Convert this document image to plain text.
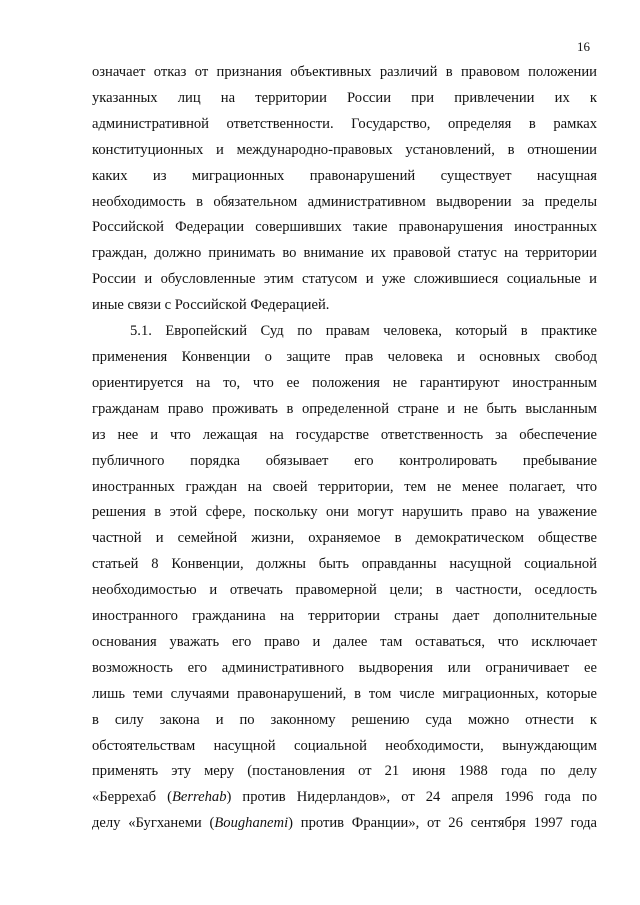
16

означает отказ от признания объективных различий в правовом положении

указанных лиц на территории России при привлечении их к

административной ответственности. Государство, определяя в рамках

конституционных и международно-правовых установлений, в отношении

каких из миграционных правонарушений существует насущная

необходимость в обязательном административном выдворении за пределы

Российской Федерации совершивших такие правонарушения иностранных

граждан, должно принимать во внимание их правовой статус на территории

России и обусловленные этим статусом и уже сложившиеся социальные и

иные связи с Российской Федерацией.

5.1. Европейский Суд по правам человека, который в практике

применения Конвенции о защите прав человека и основных свобод

ориентируется на то, что ее положения не гарантируют иностранным

гражданам право проживать в определенной стране и не быть высланным

из нее и что лежащая на государстве ответственность за обеспечение

публичного порядка обязывает его контролировать пребывание

иностранных граждан на своей территории, тем не менее полагает, что

решения в этой сфере, поскольку они могут нарушить право на уважение

частной и семейной жизни, охраняемое в демократическом обществе

статьей 8 Конвенции, должны быть оправданны насущной социальной

необходимостью и отвечать правомерной цели; в частности, оседлость

иностранного гражданина на территории страны дает дополнительные

основания уважать его право и далее там оставаться, что исключает

возможность его административного выдворения или ограничивает ее

лишь теми случаями правонарушений, в том числе миграционных, которые

в силу закона и по законному решению суда можно отнести к

обстоятельствам насущной социальной необходимости, вынуждающим

применять эту меру (постановления от 21 июня 1988 года по делу

«Беррехаб (Berrehab) против Нидерландов», от 24 апреля 1996 года по

делу «Бугханеми (Boughanemi) против Франции», от 26 сентября 1997 года
